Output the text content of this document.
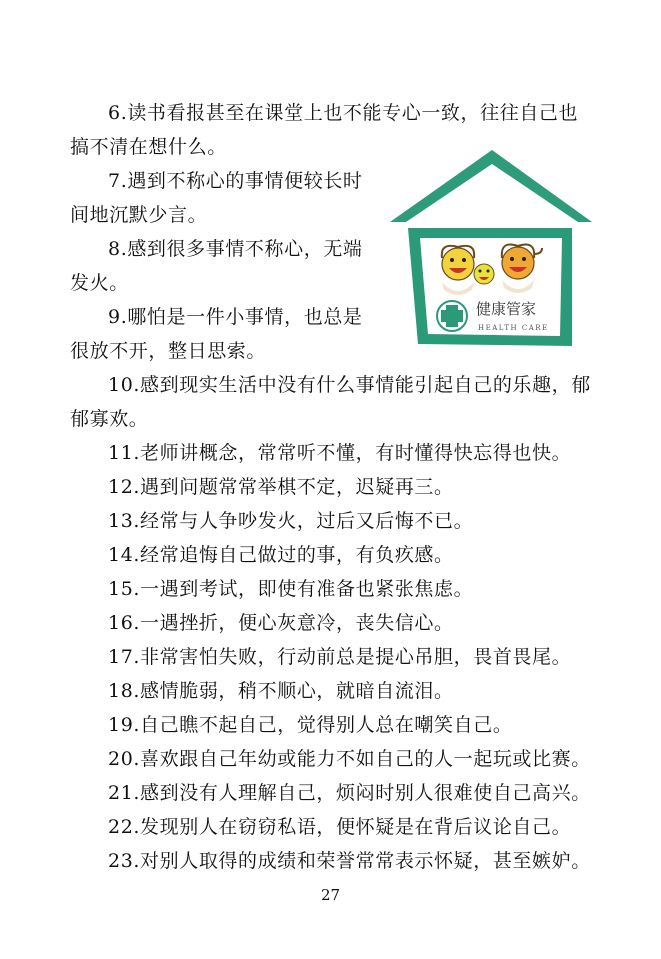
6.读书看报甚至在课堂上也不能专心一致，往往自己也搞不清在想什么。

7.遇到不称心的事情便较长时间地沉默少言。

8.感到很多事情不称心，无端发火。

9.哪怕是一件小事情，也总是很放不开，整日思索。

10.感到现实生活中没有什么事情能引起自己的乐趣，郁郁寡欢。

11.老师讲概念，常常听不懂，有时懂得快忘得也快。

12.遇到问题常常举棋不定，迟疑再三。

13.经常与人争吵发火，过后又后悔不已。

14.经常追悔自己做过的事，有负疚感。

15.一遇到考试，即使有准备也紧张焦虑。

16.一遇挫折，便心灰意冷，丧失信心。

17.非常害怕失败，行动前总是提心吊胆，畏首畏尾。

18.感情脆弱，稍不顺心，就暗自流泪。

19.自己瞧不起自己，觉得别人总在嘲笑自己。

20.喜欢跟自己年幼或能力不如自己的人一起玩或比赛。

21.感到没有人理解自己，烦闷时别人很难使自己高兴。

22.发现别人在窃窃私语，便怀疑是在背后议论自己。

23.对别人取得的成绩和荣誉常常表示怀疑，甚至嫉妒。

健康管家
HEALTH CARE
27
